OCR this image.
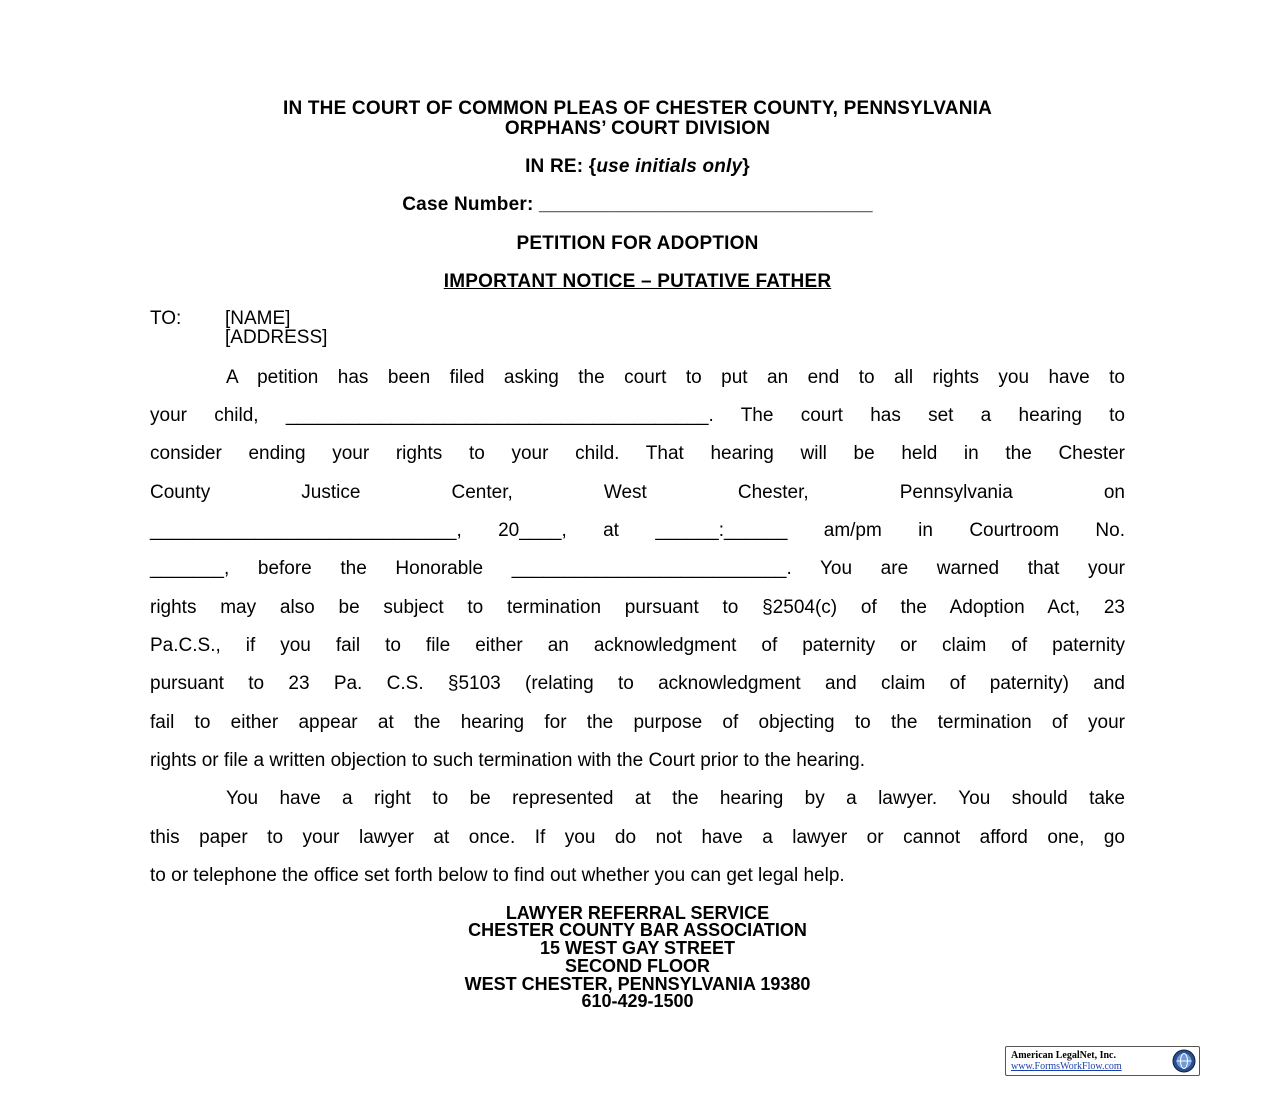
IN THE COURT OF COMMON PLEAS OF CHESTER COUNTY, PENNSYLVANIA
ORPHANS’ COURT DIVISION
IN RE: {use initials only}
Case Number: _______________________________
PETITION FOR ADOPTION
IMPORTANT NOTICE – PUTATIVE FATHER
TO: [NAME]
[ADDRESS]
A petition has been filed asking the court to put an end to all rights you have to
your child, ________________________________________. The court has set a hearing to
consider ending your rights to your child. That hearing will be held in the Chester
County Justice Center, West Chester, Pennsylvania on
_____________________________, 20____, at ______:______ am/pm in Courtroom No.
_______, before the Honorable __________________________. You are warned that your
rights may also be subject to termination pursuant to §2504(c) of the Adoption Act, 23
Pa.C.S., if you fail to file either an acknowledgment of paternity or claim of paternity
pursuant to 23 Pa. C.S. §5103 (relating to acknowledgment and claim of paternity) and
fail to either appear at the hearing for the purpose of objecting to the termination of your
rights or file a written objection to such termination with the Court prior to the hearing.
You have a right to be represented at the hearing by a lawyer. You should take
this paper to your lawyer at once. If you do not have a lawyer or cannot afford one, go
to or telephone the office set forth below to find out whether you can get legal help.
LAWYER REFERRAL SERVICE
CHESTER COUNTY BAR ASSOCIATION
15 WEST GAY STREET
SECOND FLOOR
WEST CHESTER, PENNSYLVANIA 19380
610-429-1500
American LegalNet, Inc.
www.FormsWorkFlow.com
